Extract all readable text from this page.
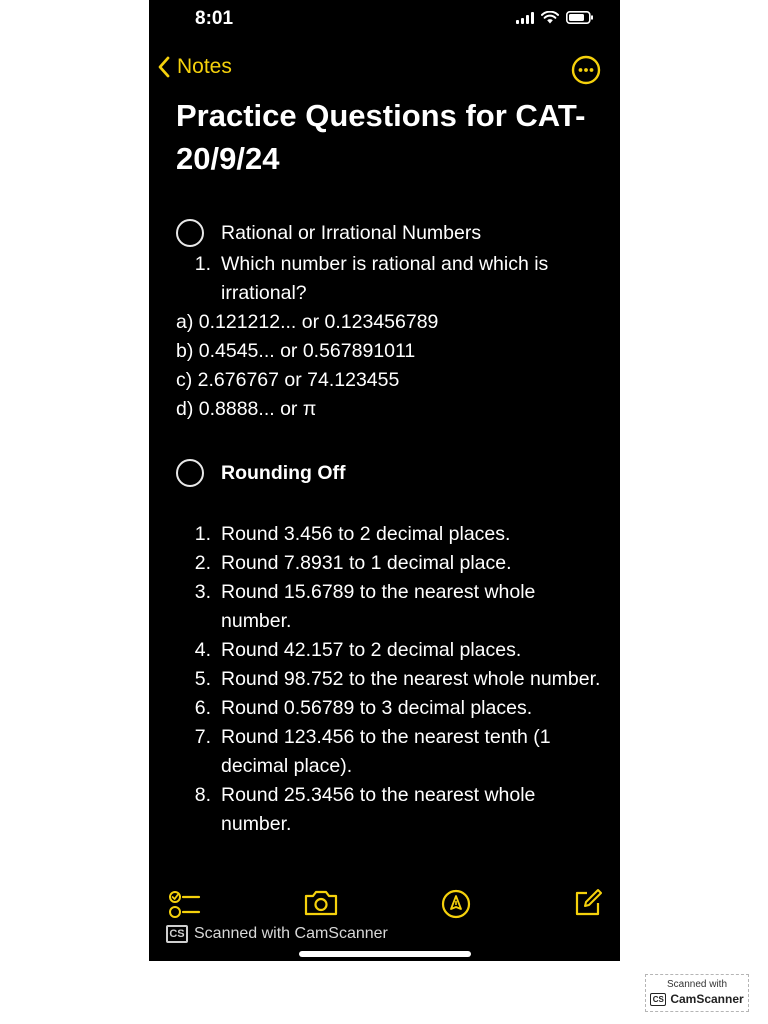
8:01
Notes
Practice Questions for CAT-20/9/24
Rational or Irrational Numbers
1. Which number is rational and which is irrational?
a) 0.121212... or 0.123456789
b) 0.4545... or 0.567891011
c) 2.676767 or 74.123455
d) 0.8888... or π
Rounding Off
1. Round 3.456 to 2 decimal places.
2. Round 7.8931 to 1 decimal place.
3. Round 15.6789 to the nearest whole number.
4. Round 42.157 to 2 decimal places.
5. Round 98.752 to the nearest whole number.
6. Round 0.56789 to 3 decimal places.
7. Round 123.456 to the nearest tenth (1 decimal place).
8. Round 25.3456 to the nearest whole number.
CS Scanned with CamScanner
Scanned with
CS CamScanner
